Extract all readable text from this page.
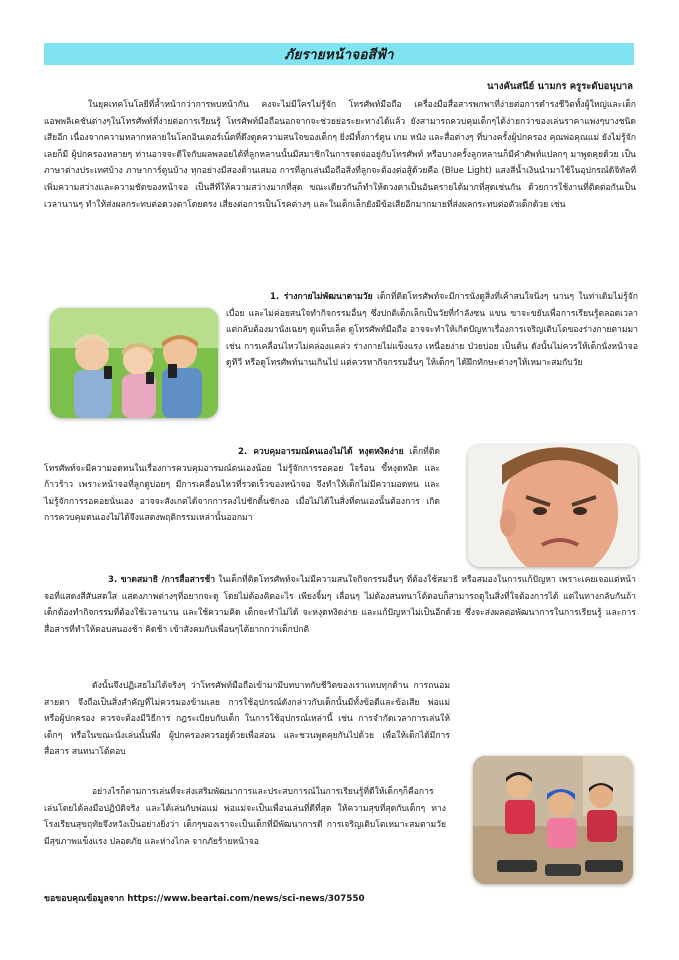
ภัยรายหน้าจอสีฟ้า
นางคันสนีย์ นามกร ครูระดับอนุบาล

ในยุคเทคโนโลยีที่ล้ำหน้ากว่าการพบหน้ากัน คงจะไม่มีใครไม่รู้จัก โทรศัพท์มือถือ เครื่องมือสื่อสารพกพาที่ง่ายต่อการดำรงชีวิตทั้งผู้ใหญ่และเด็ก แอพพลิเคชันต่างๆในโทรศัพท์ที่ง่ายต่อการเรียนรู้ โทรศัพท์มือถือนอกจากจะช่วยย่อระยะทางได้แล้ว ยังสามารถควบคุมเด็กๆได้ง่ายกว่าของเล่นราคาแพงๆบางชนิดเสียอีก เนื่องจากความหลากหลายในโลกอินเตอร์เน็ตที่ดึงดูดความสนใจของเด็กๆ ยิ่งมีทั้งการ์ตูน เกม หนัง และสื่อต่างๆ ที่บางครั้งผู้ปกครอง คุณพ่อคุณแม่ ยังไม่รู้จักเลยก็มี ผู้ปกครองหลายๆ ท่านอาจจะดีใจกับผลพลอยได้ที่ลูกหลานนั้นมีสมาชิกในการจดจ่ออยู่กับโทรศัพท์ หรือบางครั้งลูกหลานก็มีคำศัพท์แปลกๆ มาพูดคุยด้วย เป็นภาษาต่างประเทศบ้าง ภาษาการ์ตูนบ้าง ทุกอย่างมีสองด้านเสมอ การที่ลูกเล่นมือถือสิ่งที่ลูกจะต้องต่อสู้ด้วยคือ (Blue Light) แสงสีน้ำเงินนำมาใช้ในอุปกรณ์ดิจิทัลที่เพิ่มความสว่างและความชัดของหน้าจอ เป็นสีที่ให้ความสว่างมากที่สุด ขณะเดียวกันก็ทำให้ดวงตาเป็นอันตรายได้มากที่สุดเช่นกัน ด้วยการใช้งานที่ติดต่อกันเป็นเวลานานๆ ทำให้ส่งผลกระทบต่อดวงตาโดยตรง เสี่ยงต่อการเป็นโรคต่างๆ และในเด็กเล็กยังมีข้อเสียอีกมากมายที่ส่งผลกระทบต่อตัวเด็กด้วย เช่น

1. ร่างกายไม่พัฒนาตามวัย เด็กที่ติดโทรศัพท์จะมีการนั่งดูสิ่งที่เค้าสนใจนิ่งๆ นานๆ ในท่าเดิมไม่รู้จักเบื่อย และไม่ค่อยสนใจทำกิจกรรมอื่นๆ ซึ่งปกติเด็กเล็กเป็นวัยที่กำลังซน แขน ขาจะขยับเพื่อการเรียนรู้ตลอดเวลา แต่กลับต้องมานั่งเฉยๆ ดูแท็บเล็ต ดูโทรศัพท์มือถือ อาจจะทำให้เกิดปัญหาเรื่องการเจริญเติบโตของร่างกายตามมา เช่น การเคลื่อนไหวไม่คล่องแคล่ว ร่างกายไม่แข็งแรง เหนื่อยง่าย ป่วยบ่อย เป็นต้น ดังนั้นไม่ควรให้เด็กนั่งหน้าจอดูทีวี หรือดูโทรศัพท์นานเกินไป แต่ควรหากิจกรรมอื่นๆ ให้เด็กๆ ได้ฝึกทักษะต่างๆให้เหมาะสมกับวัย

2. ควบคุมอารมณ์ตนเองไม่ได้ หงุดหงิดง่าย เด็กที่ติดโทรศัพท์จะมีความอดทนในเรื่องการควบคุมอารมณ์ตนเองน้อย ไม่รู้จักการรอคอย ใจร้อน ขี้หงุดหงิด และก้าวร้าว เพราะหน้าจอที่ลูกดูบ่อยๆ มีการเคลื่อนไหวที่รวดเร็วของหน้าจอ จึงทำให้เด็กไม่มีความอดทน และไม่รู้จักการรอคอยนั่นเอง อาจจะสังเกตได้จากการลงไปชักดิ้นชักงอ เมื่อไม่ได้ในสิ่งที่ตนเองนั้นต้องการ เกิดการควบคุมตนเองไม่ได้จึงแสดงพฤติกรรมเหล่านั้นออกมา

3. ขาดสมาธิ /การสื่อสารช้า ในเด็กที่ติดโทรศัพท์จะไม่มีความสนใจกิจกรรมอื่นๆ ที่ต้องใช้สมาธิ หรือสมองในการแก้ปัญหา เพราะเคยเจอแต่หน้าจอที่แสดงสีสันสดใส แสดงภาพต่างๆที่อยากจะดู โดยไม่ต้องคิดอะไร เพียงจิ้มๆ เลื่อนๆ ไม่ต้องสนทนาโต้ตอบก็สามารถดูในสิ่งที่ใจต้องการได้ แต่ในทางกลับกันถ้าเด็กต้องทำกิจกรรมที่ต้องใช้เวลานาน และใช้ความคิด เด็กจะทำไม่ได้ จะหงุดหงิดง่าย และแก้ปัญหาไม่เป็นอีกด้วย ซึ่งจะส่งผลต่อพัฒนาการในการเรียนรู้ และการสื่อสารที่ทำให้ตอบสนองช้า คิดช้า เข้าสังคมกับเพื่อนๆได้ยากกว่าเด็กปกติ

ดังนั้นจึงปฏิเสธไม่ได้จริงๆ ว่าโทรศัพท์มือถือเข้ามามีบทบาทกับชีวิตของเราแทบทุกด้าน การถนอมสายตา จึงถือเป็นสิ่งสำคัญที่ไม่ควรมองข้ามเลย การใช้อุปกรณ์ดังกล่าวกับเด็กนั้นมีทั้งข้อดีและข้อเสีย พ่อแม่ หรือผู้ปกครอง ควรจะต้องมีวิธีการ กฎระเบียบกับเด็ก ในการใช้อุปกรณ์เหล่านี้ เช่น การจำกัดเวลาการเล่นให้เด็กๆ หรือในขณะนั่งเล่นนั้นพึ่ง ผู้ปกครองควรอยู่ด้วยเพื่อสอน และชวนพูดคุยกันไปด้วย เพื่อให้เด็กได้มีการสื่อสาร สนทนาโต้ตอบ

อย่างไรก็ตามการเล่นที่จะส่งเสริมพัฒนาการและประสบการณ์ในการเรียนรู้ที่ดีให้เด็กๆก็คือการเล่นโดยได้ลงมือปฏิบัติจริง และได้เล่นกับพ่อแม่ พ่อแม่จะเป็นเพื่อนเล่นที่ดีที่สุด ให้ความสุขที่สุดกับเด็กๆ ทางโรงเรียนสุขฤทัยจึงหวังเป็นอย่างยิ่งว่า เด็กๆของเราจะเป็นเด็กที่มีพัฒนาการดี การเจริญเติบโตเหมาะสมตามวัย มีสุขภาพแข็งแรง ปลอดภัย และห่างไกล จากภัยร้ายหน้าจอ

ขอขอบคุณข้อมูลจาก https://www.beartai.com/news/sci-news/307550
